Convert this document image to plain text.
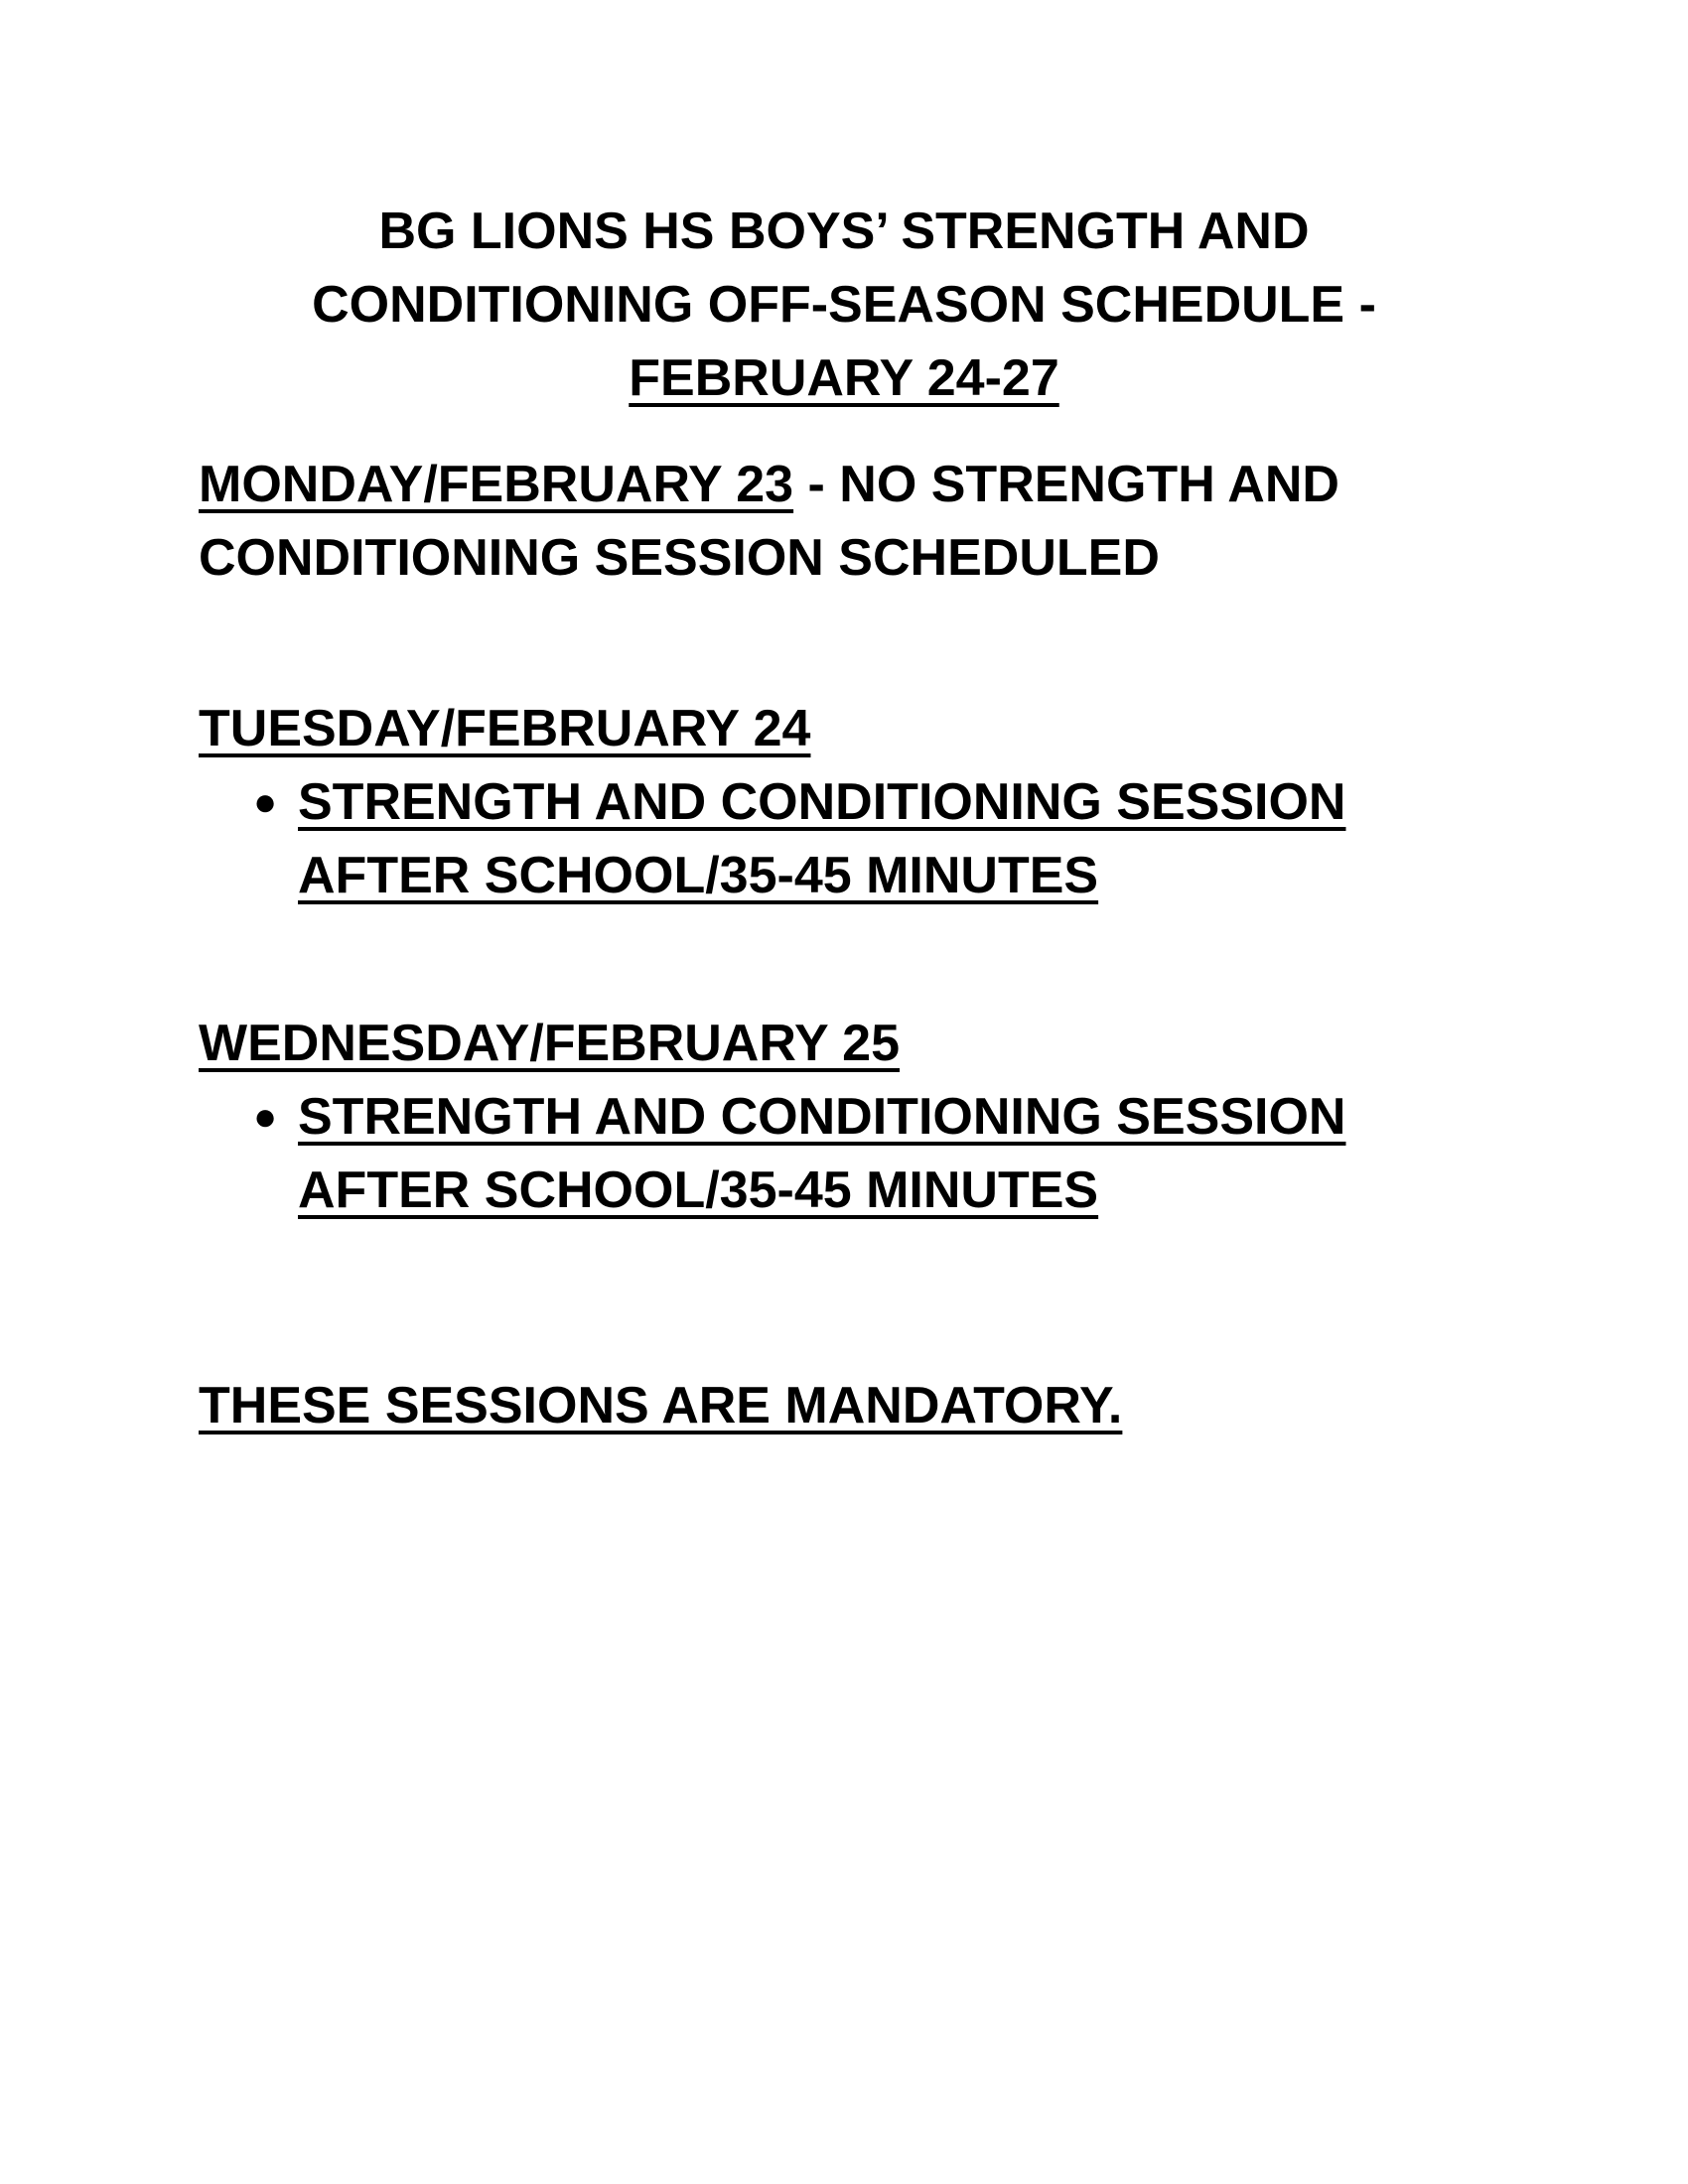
BG LIONS HS BOYS’ STRENGTH AND
CONDITIONING OFF-SEASON SCHEDULE -
FEBRUARY 24-27
MONDAY/FEBRUARY 23 - NO STRENGTH AND
CONDITIONING SESSION SCHEDULED
TUESDAY/FEBRUARY 24
● STRENGTH AND CONDITIONING SESSION
AFTER SCHOOL/35-45 MINUTES
WEDNESDAY/FEBRUARY 25
● STRENGTH AND CONDITIONING SESSION
AFTER SCHOOL/35-45 MINUTES
THESE SESSIONS ARE MANDATORY.
